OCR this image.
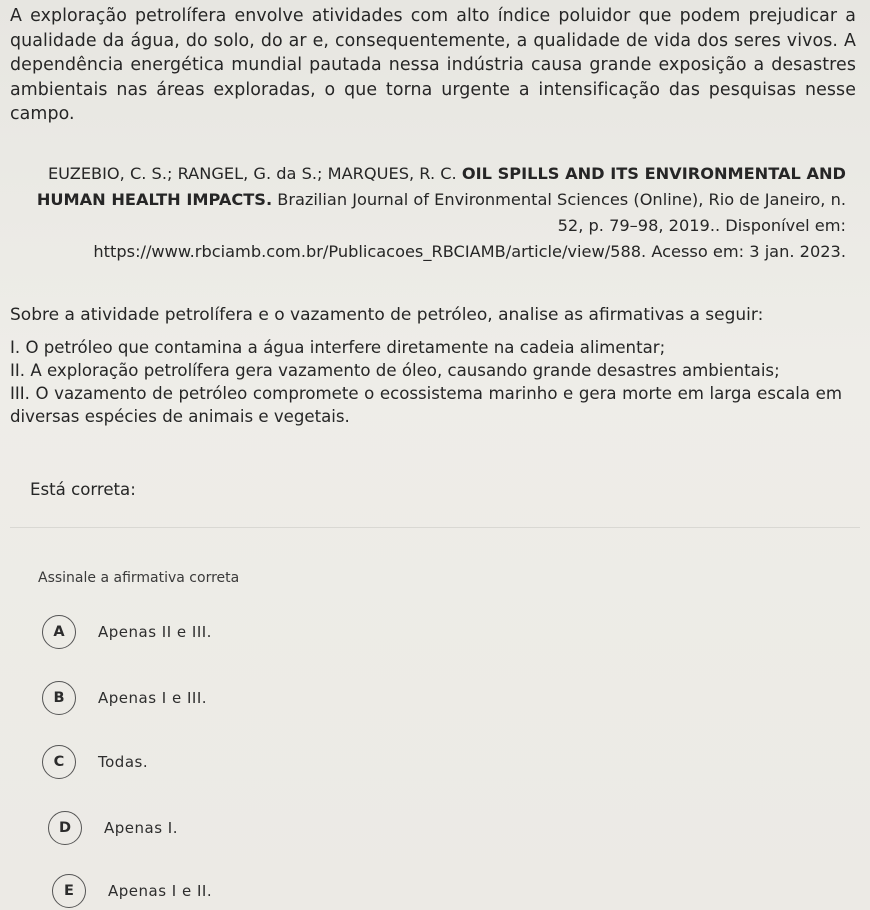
A exploração petrolífera envolve atividades com alto índice poluidor que podem prejudicar a qualidade da água, do solo, do ar e, consequentemente, a qualidade de vida dos seres vivos. A dependência energética mundial pautada nessa indústria causa grande exposição a desastres ambientais nas áreas exploradas, o que torna urgente a intensificação das pesquisas nesse campo.

EUZEBIO, C. S.; RANGEL, G. da S.; MARQUES, R. C. OIL SPILLS AND ITS ENVIRONMENTAL AND HUMAN HEALTH IMPACTS. Brazilian Journal of Environmental Sciences (Online), Rio de Janeiro, n. 52, p. 79–98, 2019.. Disponível em: https://www.rbciamb.com.br/Publicacoes_RBCIAMB/article/view/588. Acesso em: 3 jan. 2023.

Sobre a atividade petrolífera e o vazamento de petróleo, analise as afirmativas a seguir:

I. O petróleo que contamina a água interfere diretamente na cadeia alimentar;

II. A exploração petrolífera gera vazamento de óleo, causando grande desastres ambientais;

III. O vazamento de petróleo compromete o ecossistema marinho e gera morte em larga escala em diversas espécies de animais e vegetais.

Está correta:

Assinale a afirmativa correta

A	Apenas II e III.
B	Apenas I e III.
C	Todas.
D	Apenas I.
E	Apenas I e II.
